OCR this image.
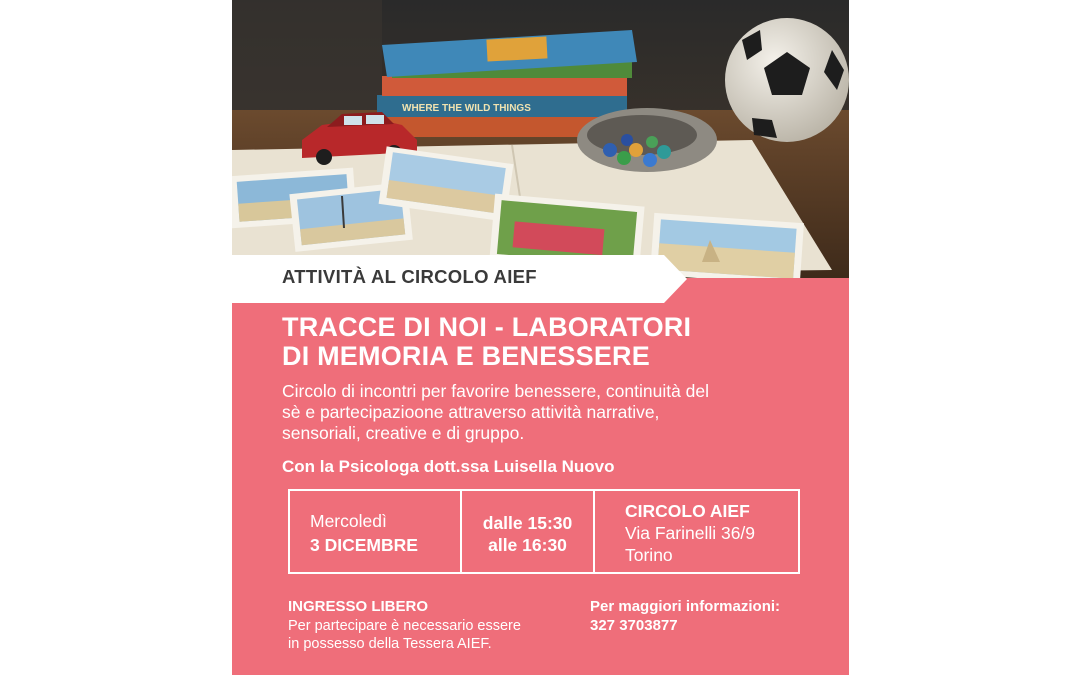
WHERE THE WILD THINGS
ATTIVITÀ AL CIRCOLO AIEF
TRACCE DI NOI - LABORATORI
DI MEMORIA E BENESSERE
Circolo di incontri per favorire benessere, continuità del
sè e partecipazioone attraverso attività narrative,
sensoriali, creative e di gruppo.
Con la Psicologa dott.ssa Luisella Nuovo
Mercoledì
3 DICEMBRE
dalle 15:30
alle 16:30
CIRCOLO AIEF
Via Farinelli 36/9
Torino
INGRESSO LIBERO
Per partecipare è necessario essere
in possesso della Tessera AIEF.
Per maggiori informazioni:
327 3703877
